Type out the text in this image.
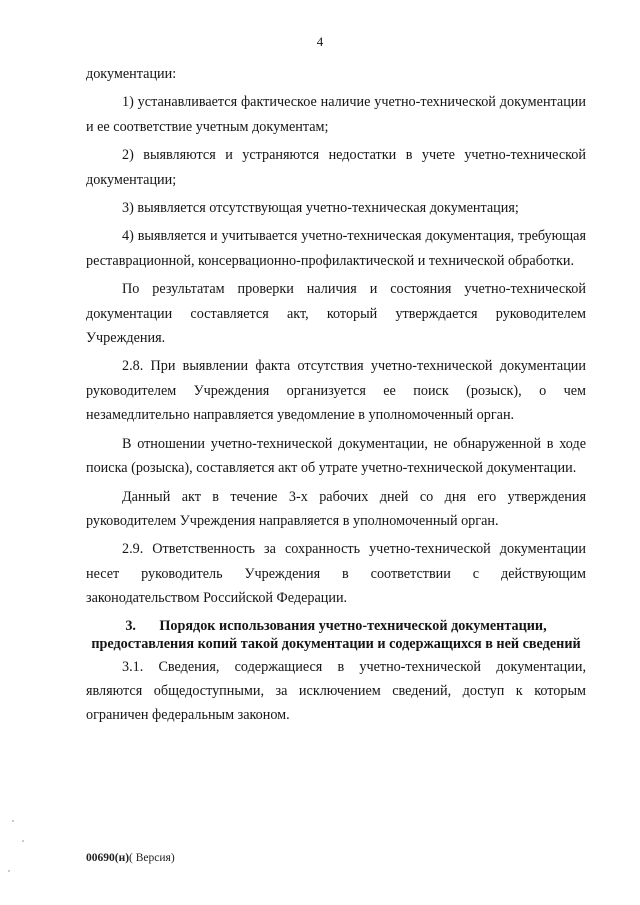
4

документации:

1) устанавливается фактическое наличие учетно-технической документации и ее соответствие учетным документам;

2) выявляются и устраняются недостатки в учете учетно-технической документации;

3) выявляется отсутствующая учетно-техническая документация;

4) выявляется и учитывается учетно-техническая документация, требующая реставрационной, консервационно-профилактической и технической обработки.

По результатам проверки наличия и состояния учетно-технической документации составляется акт, который утверждается руководителем Учреждения.

2.8. При выявлении факта отсутствия учетно-технической документации руководителем Учреждения организуется ее поиск (розыск), о чем незамедлительно направляется уведомление в уполномоченный орган.

В отношении учетно-технической документации, не обнаруженной в ходе поиска (розыска), составляется акт об утрате учетно-технической документации.

Данный акт в течение 3-х рабочих дней со дня его утверждения руководителем Учреждения направляется в уполномоченный орган.

2.9. Ответственность за сохранность учетно-технической документации несет руководитель Учреждения в соответствии с действующим законодательством Российской Федерации.

3. Порядок использования учетно-технической документации, предоставления копий такой документации и содержащихся в ней сведений

3.1. Сведения, содержащиеся в учетно-технической документации, являются общедоступными, за исключением сведений, доступ к которым ограничен федеральным законом.

00690(н)( Версия)
